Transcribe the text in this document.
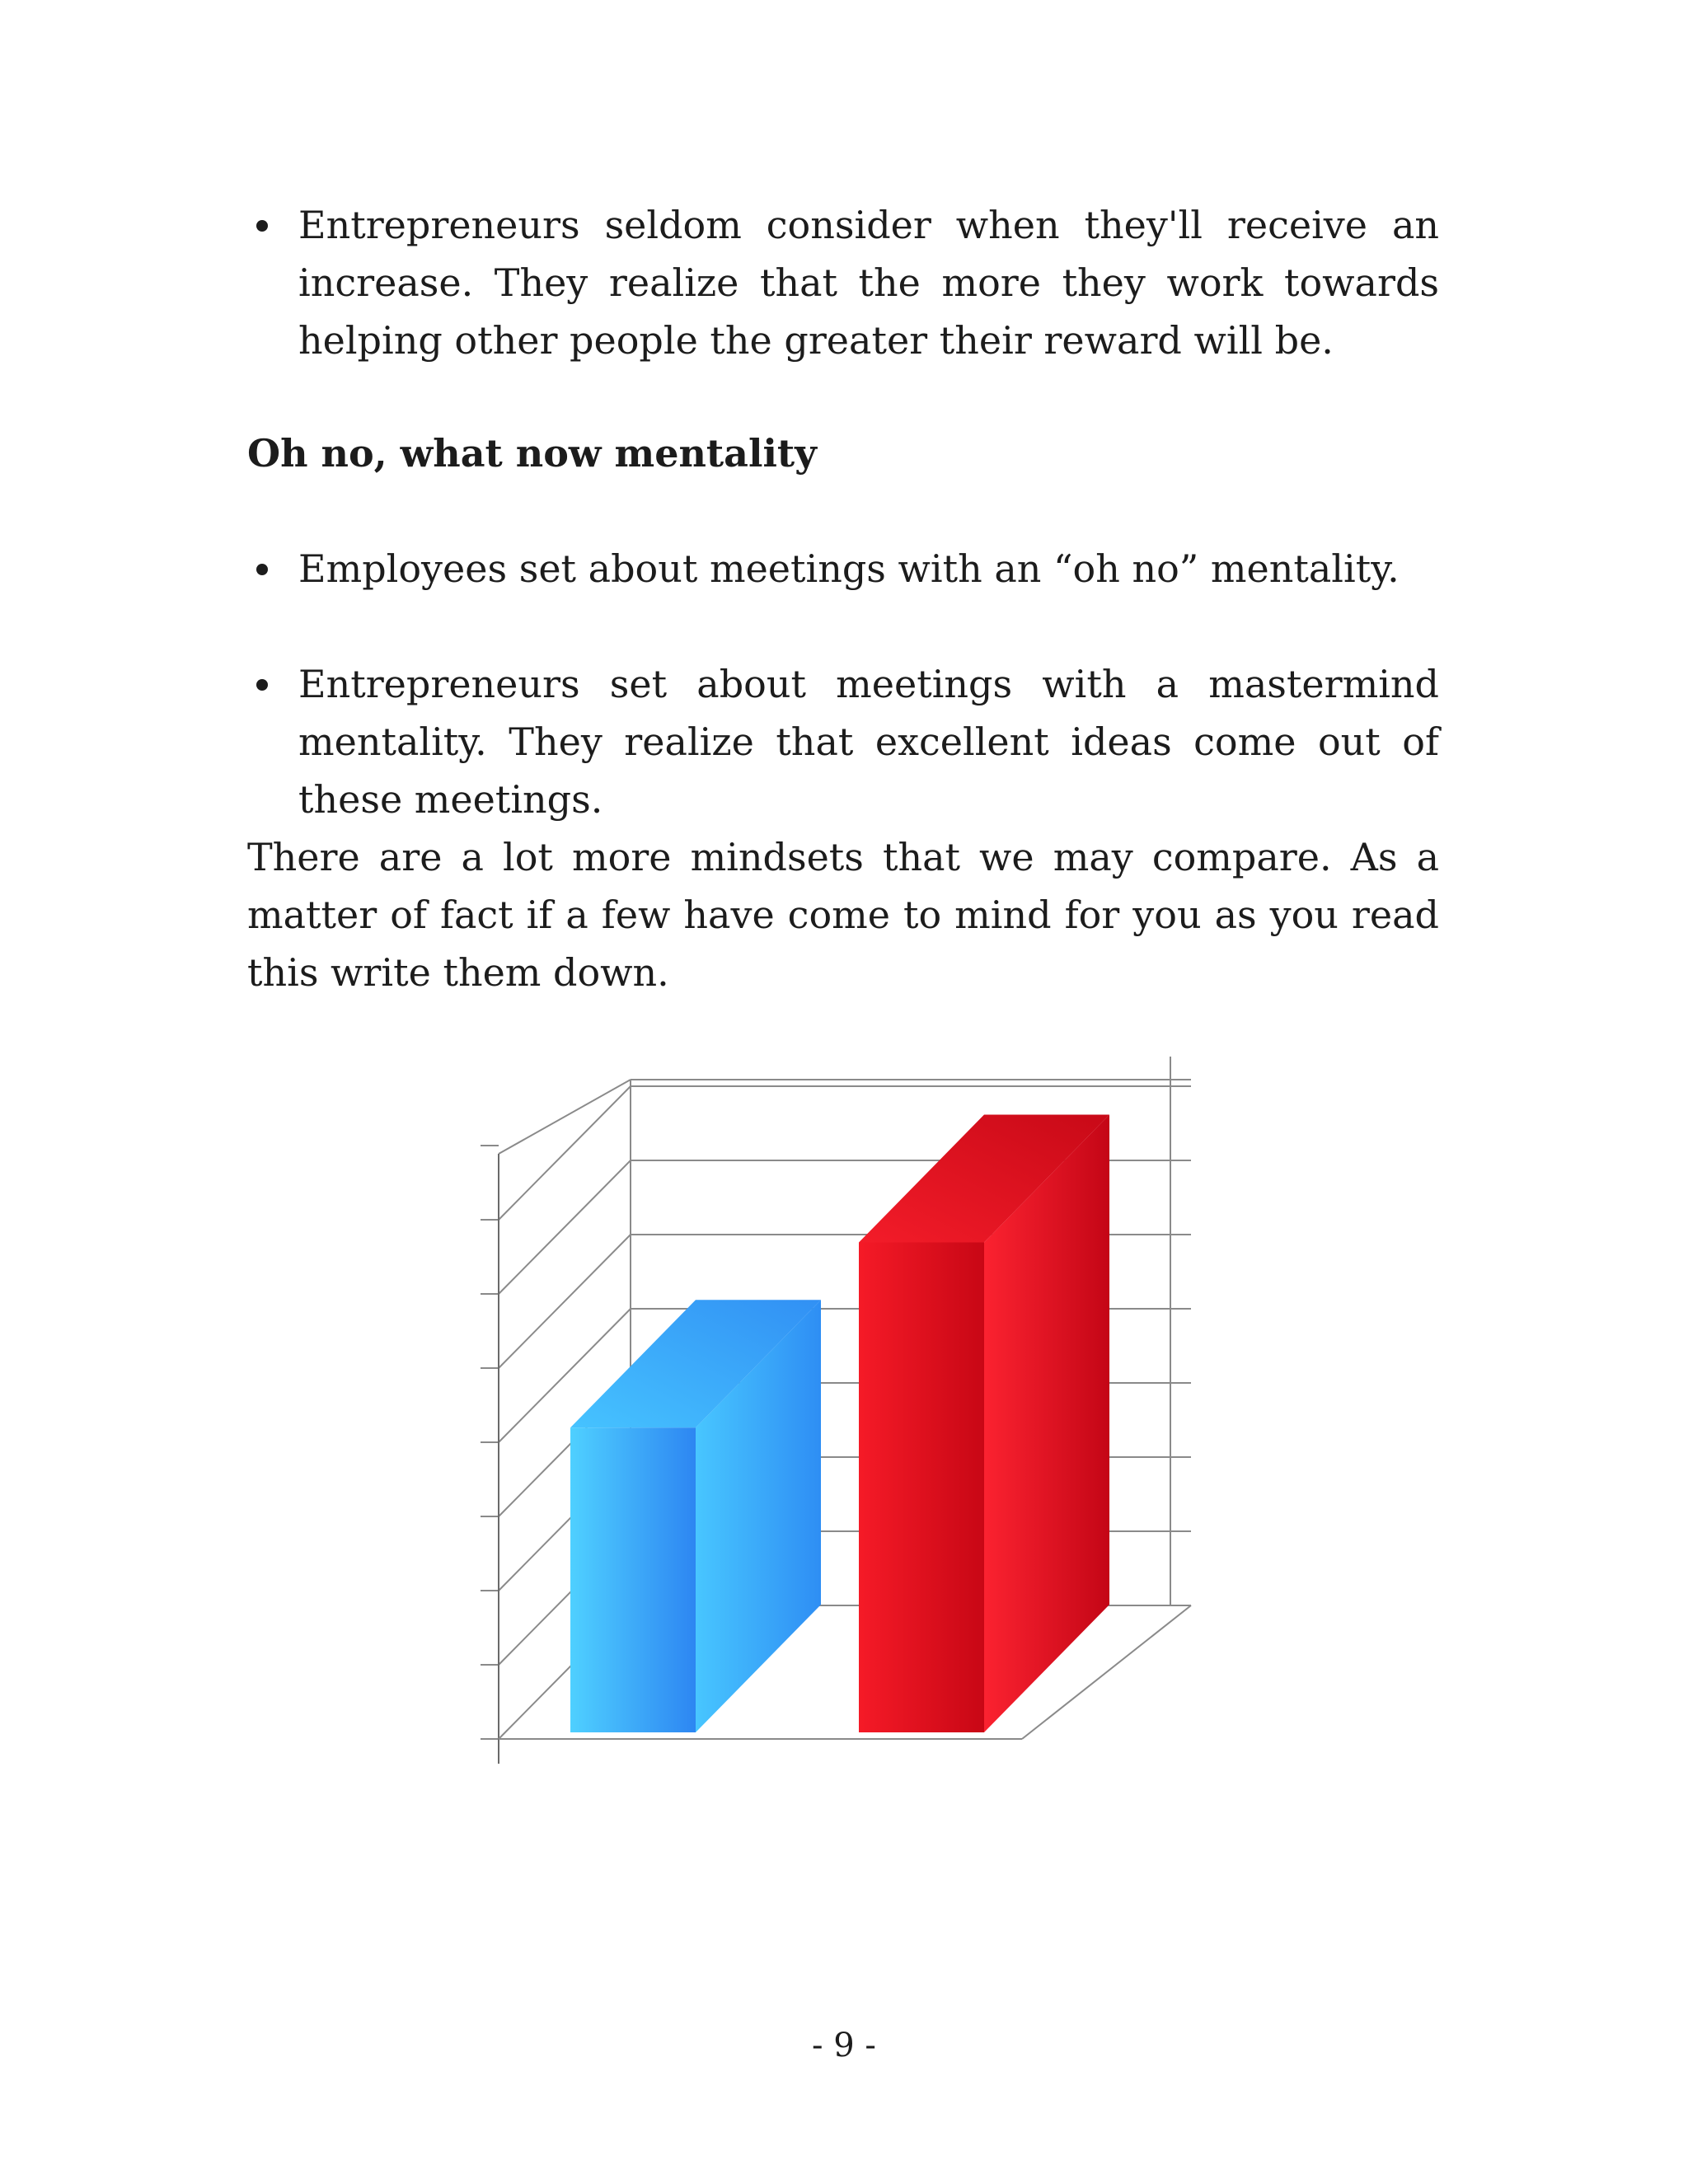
Entrepreneurs seldom consider when they'll receive an increase. They realize that the more they work towards helping other people the greater their reward will be.
Oh no, what now mentality
Employees set about meetings with an “oh no” mentality.
Entrepreneurs set about meetings with a mastermind mentality. They realize that excellent ideas come out of these meetings.
There are a lot more mindsets that we may compare. As a matter of fact if a few have come to mind for you as you read this write them down.
- 9 -
